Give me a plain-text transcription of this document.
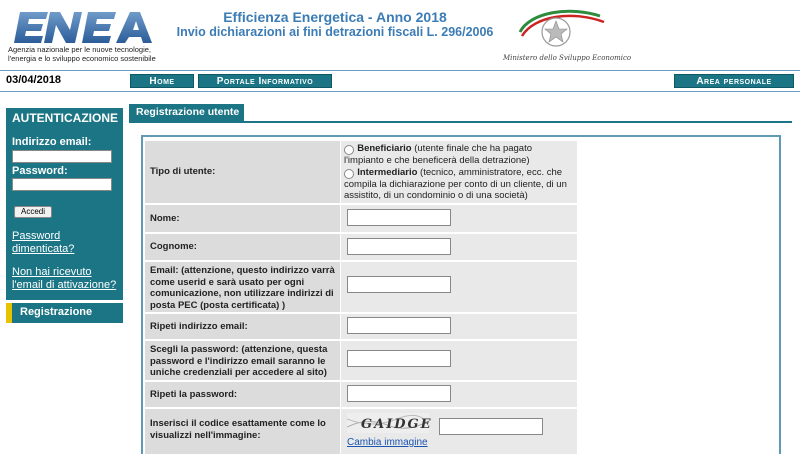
Agenzia nazionale per le nuove tecnologie,
l'energia e lo sviluppo economico sostenibile
Efficienza Energetica - Anno 2018
Invio dichiarazioni ai fini detrazioni fiscali L. 296/2006
Ministero dello Sviluppo Economico
03/04/2018	Home	Portale Informativo	Area personale
AUTENTICAZIONE
Indirizzo email:
Password:
Accedi
Password
dimenticata?
Non hai ricevuto
l'email di attivazione?
Registrazione
Registrazione utente
Tipo di utente:
Beneficiario (utente finale che ha pagato
l'impianto e che beneficerà della detrazione)
Intermediario (tecnico, amministratore, ecc. che
compila la dichiarazione per conto di un cliente, di un
assistito, di un condominio o di una società)
Nome:
Cognome:
Email: (attenzione, questo indirizzo varrà
come userid e sarà usato per ogni
comunicazione, non utilizzare indirizzi di
posta PEC (posta certificata) )
Ripeti indirizzo email:
Scegli la password: (attenzione, questa
password e l'indirizzo email saranno le
uniche credenziali per accedere al sito)
Ripeti la password:
Inserisci il codice esattamente come lo
visualizzi nell'immagine:
GAIDGE
Cambia immagine
